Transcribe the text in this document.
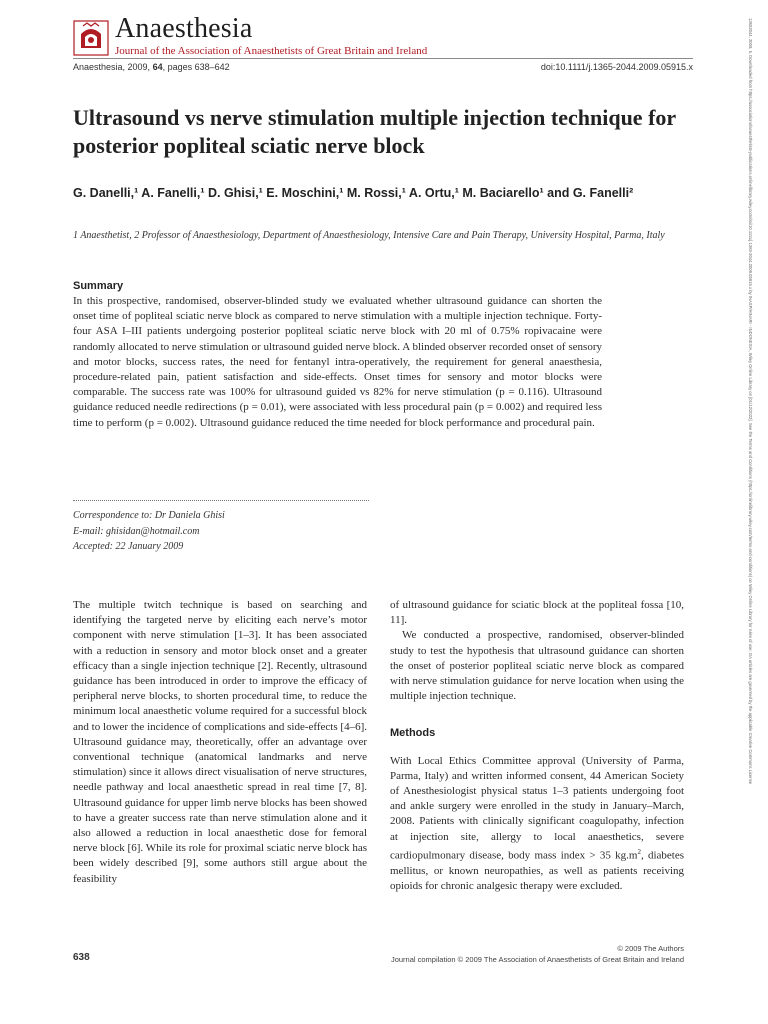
Anaesthesia
Journal of the Association of Anaesthetists of Great Britain and Ireland
Anaesthesia, 2009, 64, pages 638–642	doi:10.1111/j.1365-2044.2009.05915.x
Ultrasound vs nerve stimulation multiple injection technique for posterior popliteal sciatic nerve block
G. Danelli,¹ A. Fanelli,¹ D. Ghisi,¹ E. Moschini,¹ M. Rossi,¹ A. Ortu,¹ M. Baciarello¹ and G. Fanelli²
1 Anaesthetist, 2 Professor of Anaesthesiology, Department of Anaesthesiology, Intensive Care and Pain Therapy, University Hospital, Parma, Italy
Summary
In this prospective, randomised, observer-blinded study we evaluated whether ultrasound guidance can shorten the onset time of popliteal sciatic nerve block as compared to nerve stimulation with a multiple injection technique. Forty-four ASA I–III patients undergoing posterior popliteal sciatic nerve block with 20 ml of 0.75% ropivacaine were randomly allocated to nerve stimulation or ultrasound guided nerve block. A blinded observer recorded onset of sensory and motor blocks, success rates, the need for fentanyl intra-operatively, the requirement for general anaesthesia, procedure-related pain, patient satisfaction and side-effects. Onset times for sensory and motor blocks were comparable. The success rate was 100% for ultrasound guided vs 82% for nerve stimulation (p = 0.116). Ultrasound guidance reduced needle redirections (p = 0.01), were associated with less procedural pain (p = 0.002) and required less time to perform (p = 0.002). Ultrasound guidance reduced the time needed for block performance and procedural pain.
Correspondence to: Dr Daniela Ghisi
E-mail: ghisidan@hotmail.com
Accepted: 22 January 2009

The multiple twitch technique is based on searching and identifying the targeted nerve by eliciting each nerve’s motor component with nerve stimulation [1–3]. It has been associated with a reduction in sensory and motor block onset and a greater efficacy than a single injection technique [2]. Recently, ultrasound guidance has been introduced in order to improve the efficacy of peripheral nerve blocks, to shorten procedural time, to reduce the minimum local anaesthetic volume required for a successful block and to lower the incidence of complications and side-effects [4–6]. Ultrasound guidance may, theoretically, offer an advantage over conventional technique (anatomical landmarks and nerve stimulation) since it allows direct visualisation of nerve structures, needle pathway and local anaesthetic spread in real time [7, 8]. Ultrasound guidance for upper limb nerve blocks has been showed to have a greater success rate than nerve stimulation alone and it also allowed a reduction in local anaesthetic dose for femoral nerve block [6]. While its role for proximal sciatic nerve block has been widely described [9], some authors still argue about the feasibility

of ultrasound guidance for sciatic block at the popliteal fossa [10, 11].

We conducted a prospective, randomised, observer-blinded study to test the hypothesis that ultrasound guidance can shorten the onset of posterior popliteal sciatic nerve block as compared with nerve stimulation guidance for nerve location when using the multiple injection technique.

Methods

With Local Ethics Committee approval (University of Parma, Parma, Italy) and written informed consent, 44 American Society of Anesthesiologist physical status 1–3 patients undergoing foot and ankle surgery were enrolled in the study in January–March, 2008. Patients with clinically significant coagulopathy, infection at injection site, allergy to local anaesthetics, severe cardiopulmonary disease, body mass index > 35 $kg.m^2$, diabetes mellitus, or known neuropathies, as well as patients receiving opioids for chronic analgesic therapy were excluded.

638
© 2009 The Authors
Journal compilation © 2009 The Association of Anaesthetists of Great Britain and Ireland
13652044, 2009, 6, Downloaded from https://associationofanaesthetists-publications.onlinelibrary.wiley.com/doi/10.1111/j.1365-2044.2009.05915.x by INASP/HINARI - INDONESIA, Wiley Online Library on [01/12/2022]. See the Terms and Conditions (https://onlinelibrary.wiley.com/terms-and-conditions) on Wiley Online Library for rules of use; OA articles are governed by the applicable Creative Commons License
